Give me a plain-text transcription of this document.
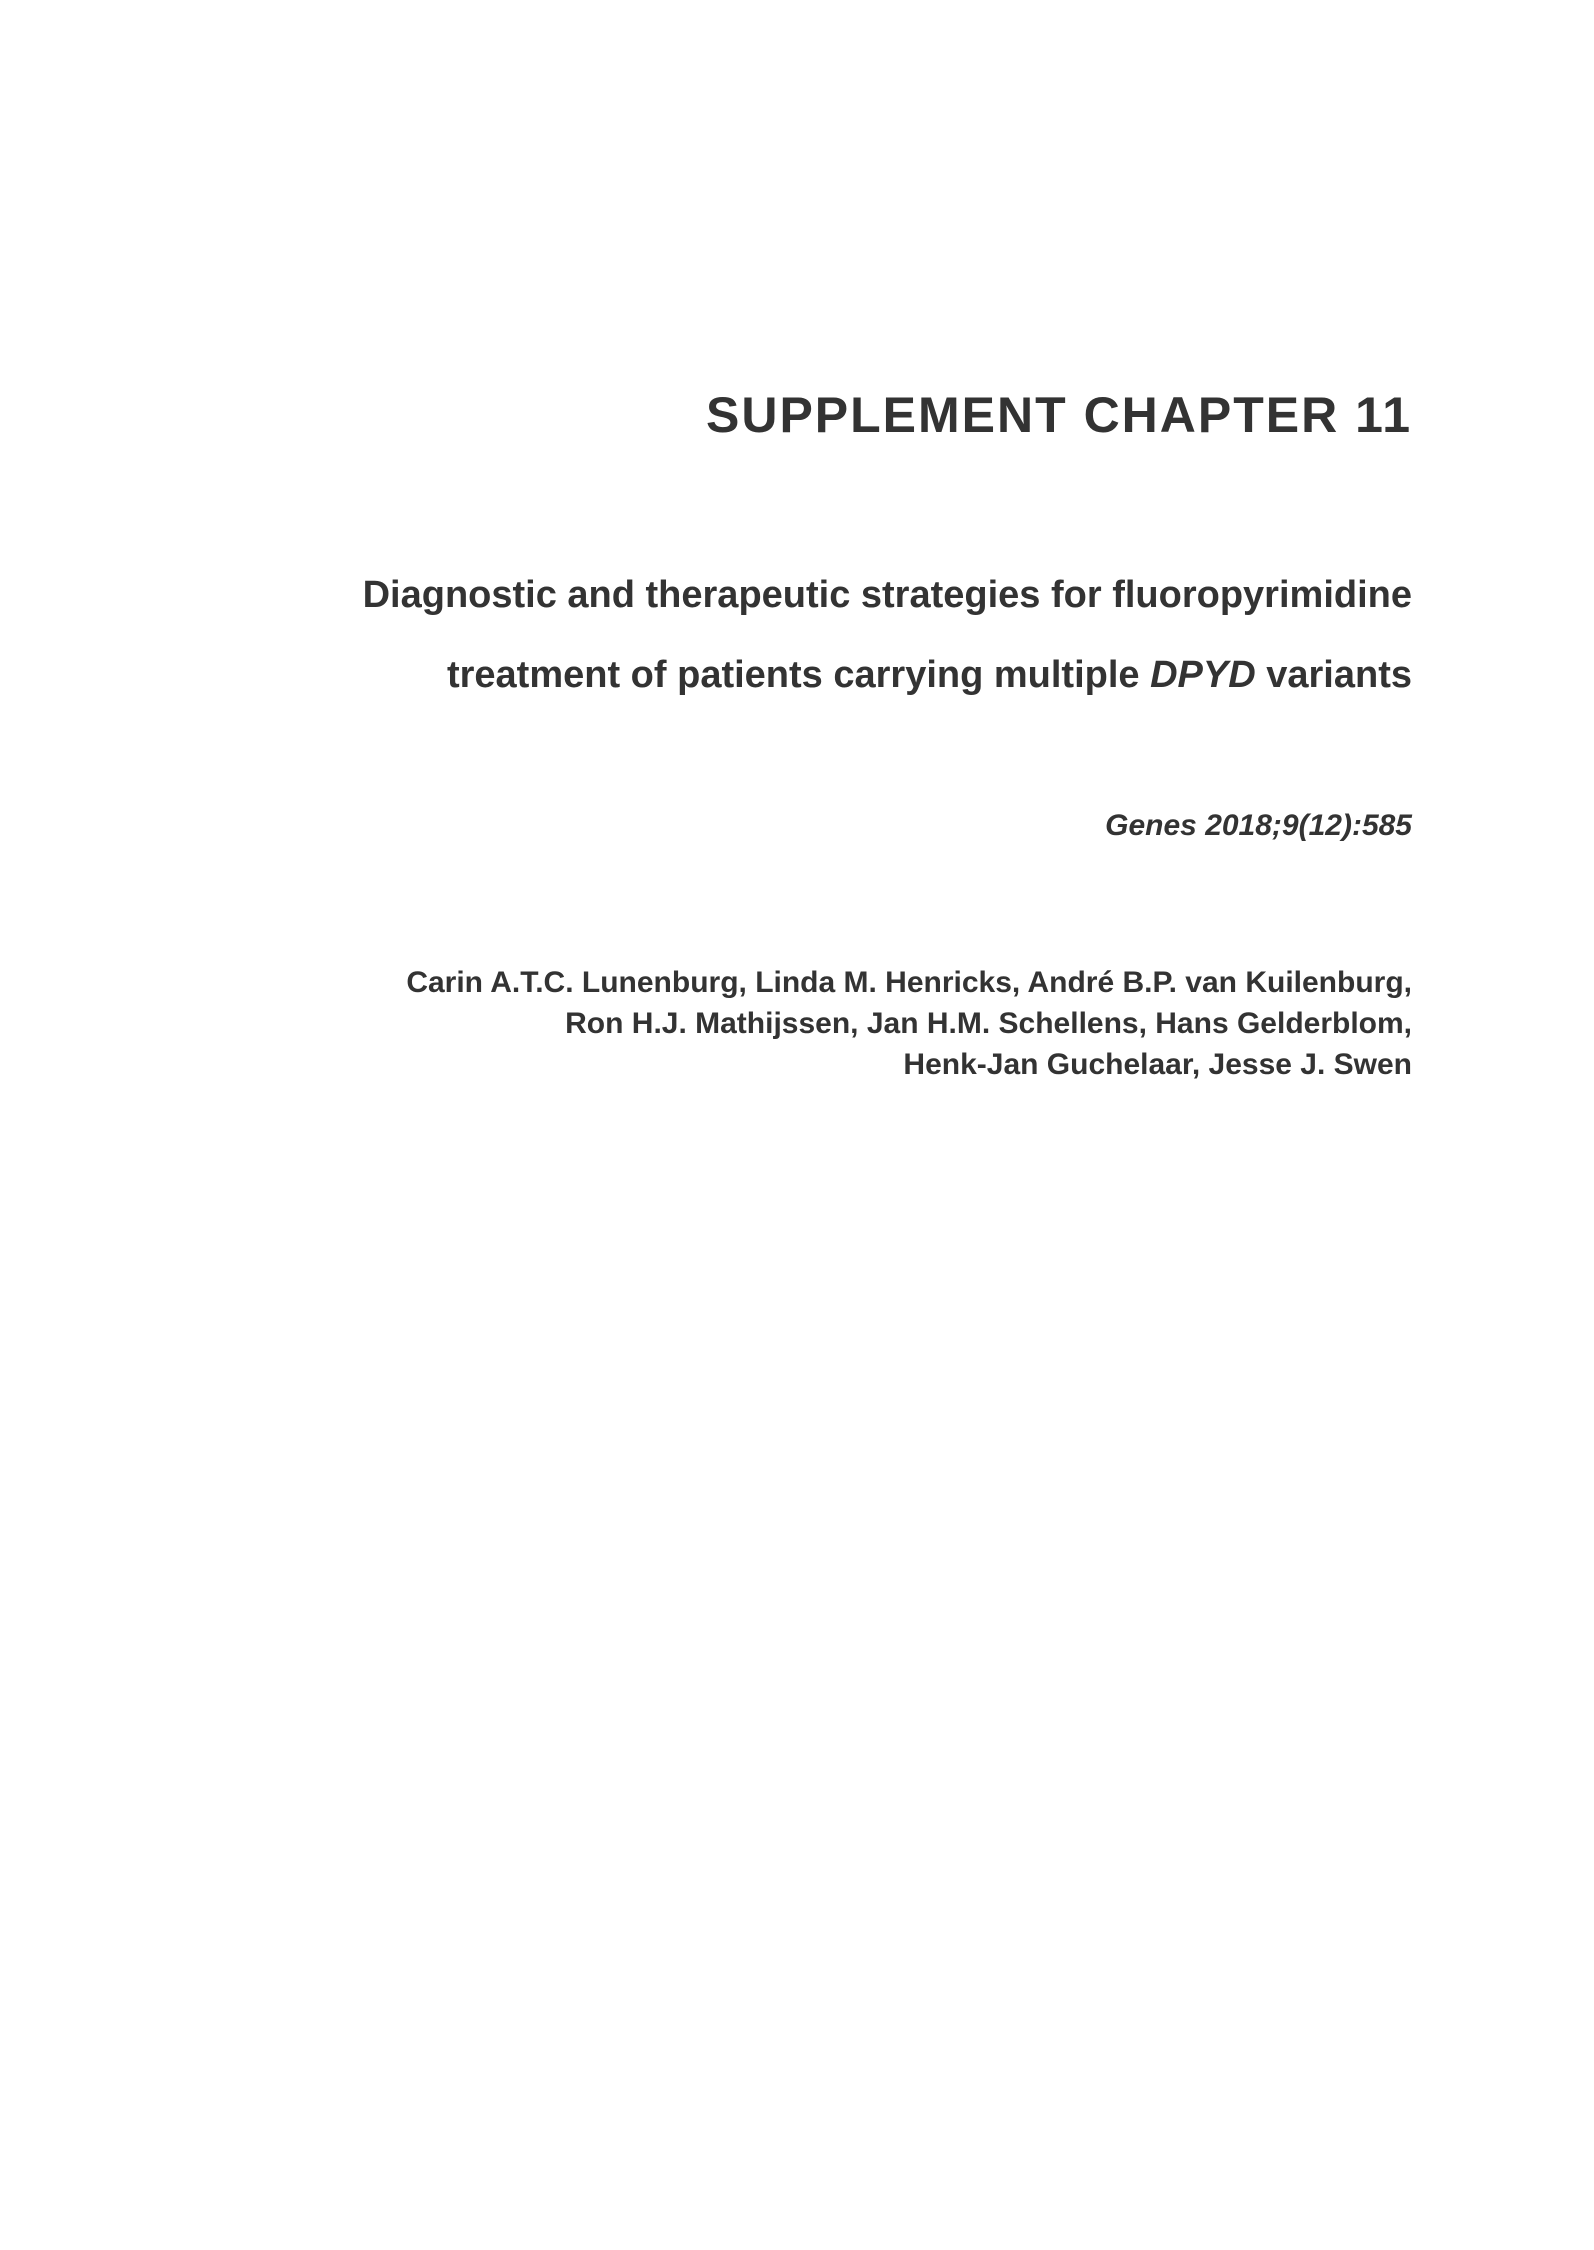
SUPPLEMENT CHAPTER 11
Diagnostic and therapeutic strategies for fluoropyrimidine
treatment of patients carrying multiple DPYD variants
Genes 2018;9(12):585
Carin A.T.C. Lunenburg, Linda M. Henricks, André B.P. van Kuilenburg,
Ron H.J. Mathijssen, Jan H.M. Schellens, Hans Gelderblom,
Henk-Jan Guchelaar, Jesse J. Swen
